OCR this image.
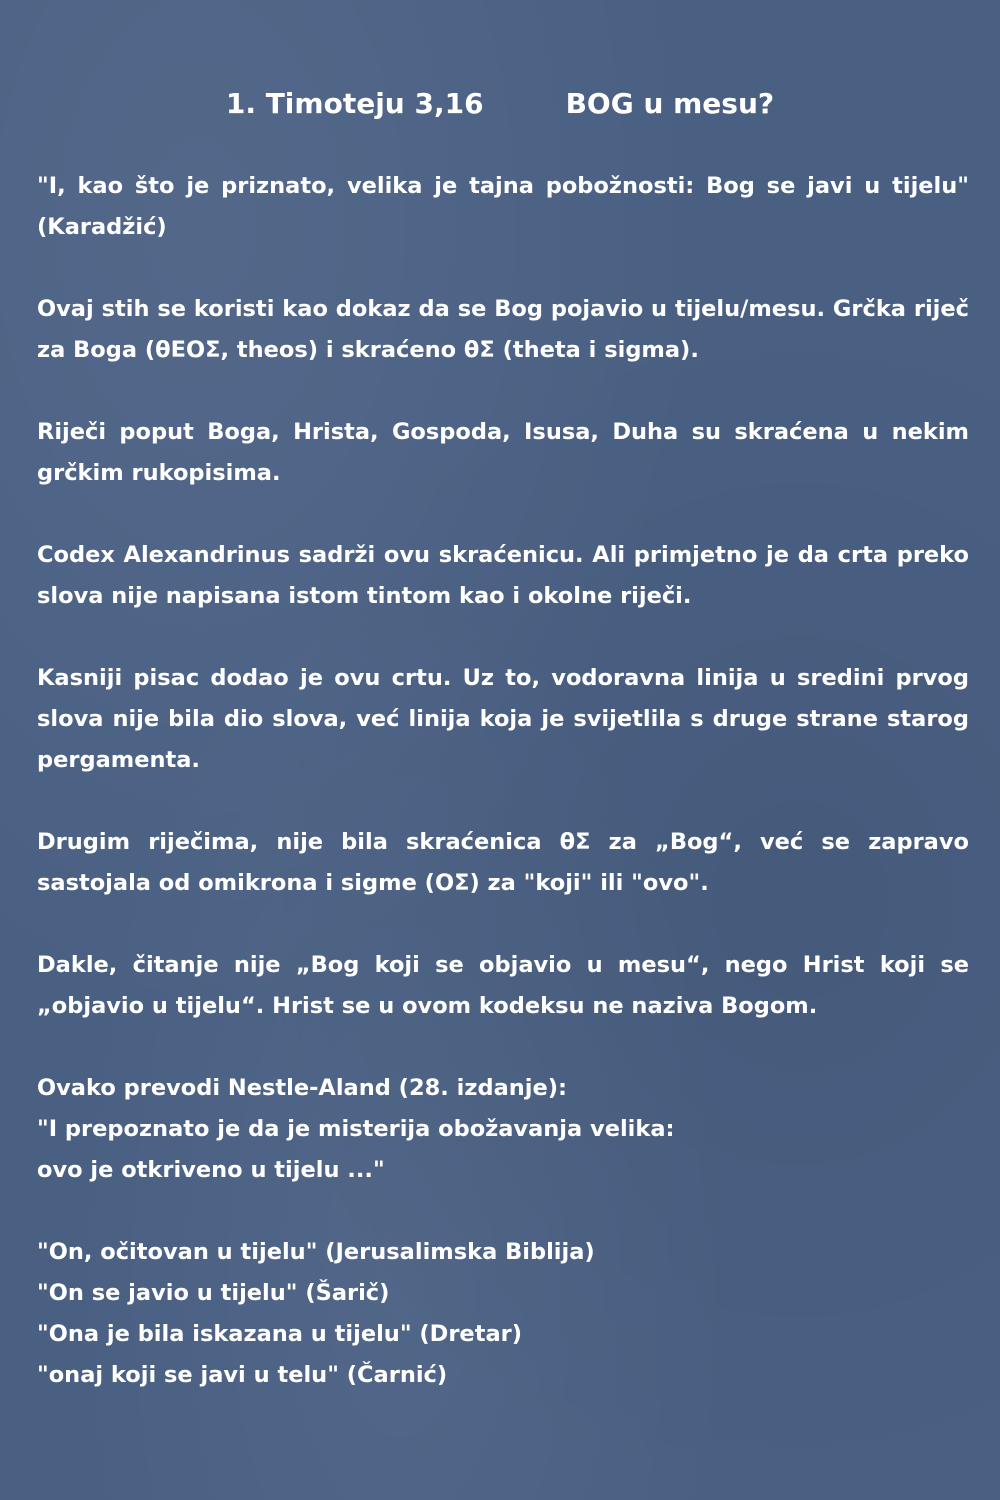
1. Timoteju 3,16	BOG u mesu?

"I, kao što je priznato, velika je tajna pobožnosti: Bog se javi u tijelu" (Karadžić)

Ovaj stih se koristi kao dokaz da se Bog pojavio u tijelu/mesu. Grčka riječ za Boga (θΕΟΣ, theos) i skraćeno θΣ (theta i sigma).

Riječi poput Boga, Hrista, Gospoda, Isusa, Duha su skraćena u nekim grčkim rukopisima.

Codex Alexandrinus sadrži ovu skraćenicu. Ali primjetno je da crta preko slova nije napisana istom tintom kao i okolne riječi.

Kasniji pisac dodao je ovu crtu. Uz to, vodoravna linija u sredini prvog slova nije bila dio slova, već linija koja je svijetlila s druge strane starog pergamenta.

Drugim riječima, nije bila skraćenica θΣ za „Bog“, već se zapravo sastojala od omikrona i sigme (ΟΣ) za "koji" ili "ovo".

Dakle, čitanje nije „Bog koji se objavio u mesu“, nego Hrist koji se „objavio u tijelu“. Hrist se u ovom kodeksu ne naziva Bogom.

Ovako prevodi Nestle-Aland (28. izdanje):
"I prepoznato je da je misterija obožavanja velika:
ovo je otkriveno u tijelu ..."
"On, očitovan u tijelu" (Jerusalimska Biblija)
"On se javio u tijelu" (Šarič)
"Ona je bila iskazana u tijelu" (Dretar)
"onaj koji se javi u telu" (Čarnić)
